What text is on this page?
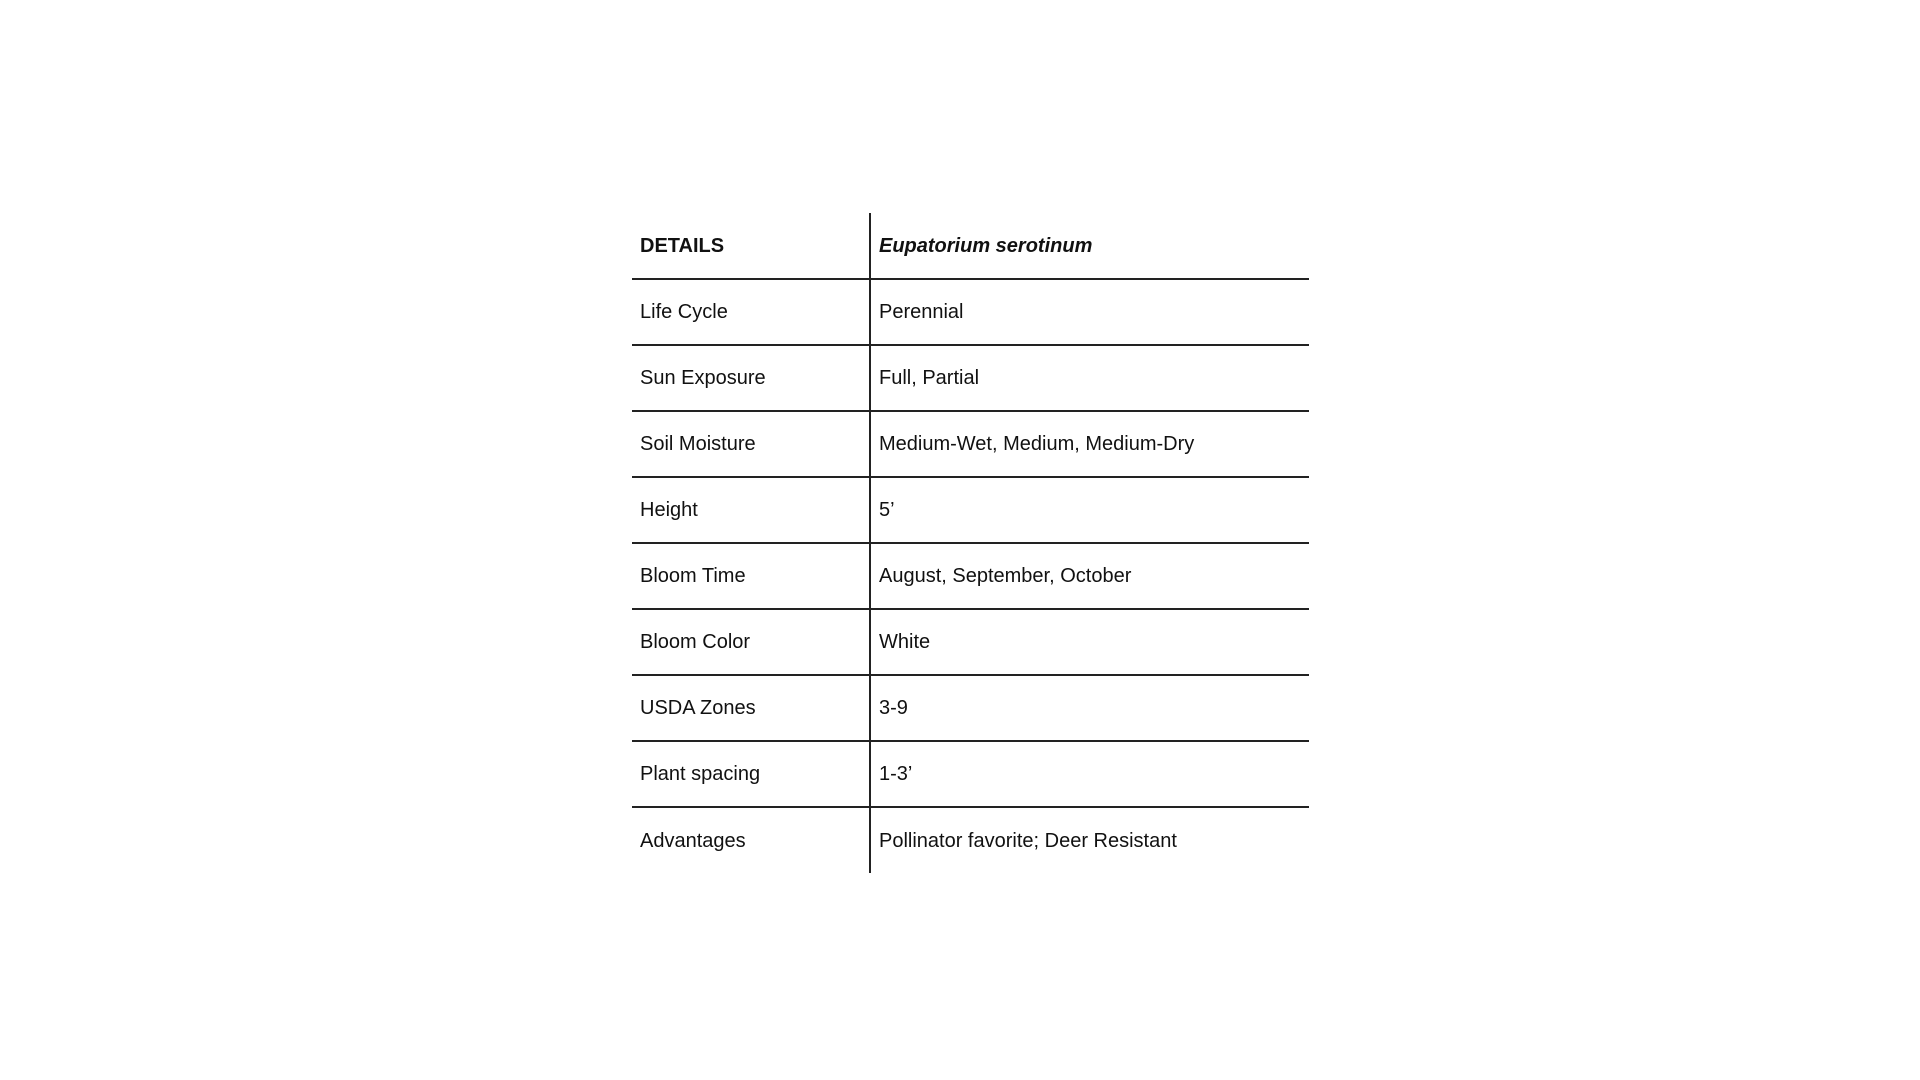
DETAILS	Eupatorium serotinum
Life Cycle	Perennial
Sun Exposure	Full, Partial
Soil Moisture	Medium-Wet, Medium, Medium-Dry
Height	5’
Bloom Time	August, September, October
Bloom Color	White
USDA Zones	3-9
Plant spacing	1-3’
Advantages	Pollinator favorite; Deer Resistant
